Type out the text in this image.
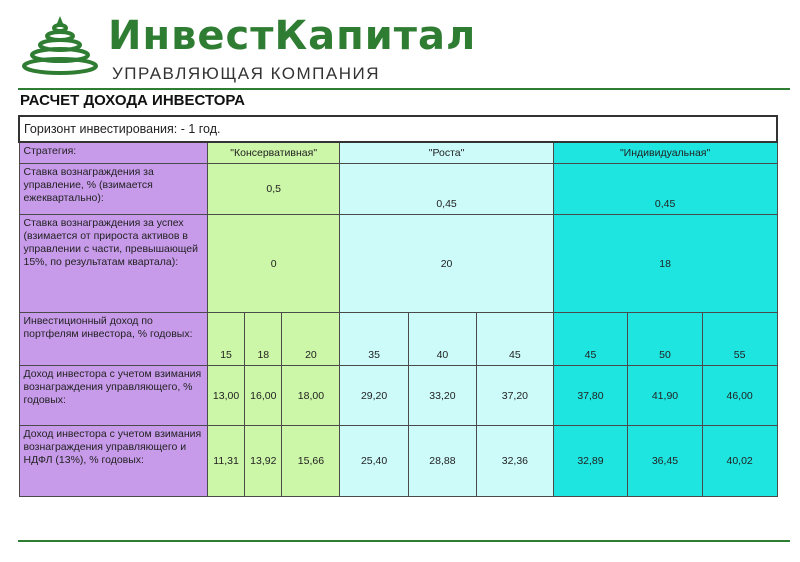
ИнвестКапитал
УПРАВЛЯЮЩАЯ КОМПАНИЯ
РАСЧЕТ ДОХОДА ИНВЕСТОРА
Горизонт инвестирования: - 1 год.									
Стратегия:	"Консервативная"			"Роста"			"Индивидуальная"		
Ставка вознаграждения за управление, % (взимается ежеквартально):	0,5			0,45			0,45		
Ставка вознаграждения за успех (взимается от прироста активов в управлении с части, превышающей 15%, по результатам квартала):	0			20			18		
Инвестиционный доход по портфелям инвестора, % годовых:	15	18	20	35	40	45	45	50	55
Доход инвестора с учетом взимания вознаграждения управляющего, % годовых:	13,00	16,00	18,00	29,20	33,20	37,20	37,80	41,90	46,00
Доход инвестора с учетом взимания вознаграждения управляющего и НДФЛ (13%), % годовых:	11,31	13,92	15,66	25,40	28,88	32,36	32,89	36,45	40,02
